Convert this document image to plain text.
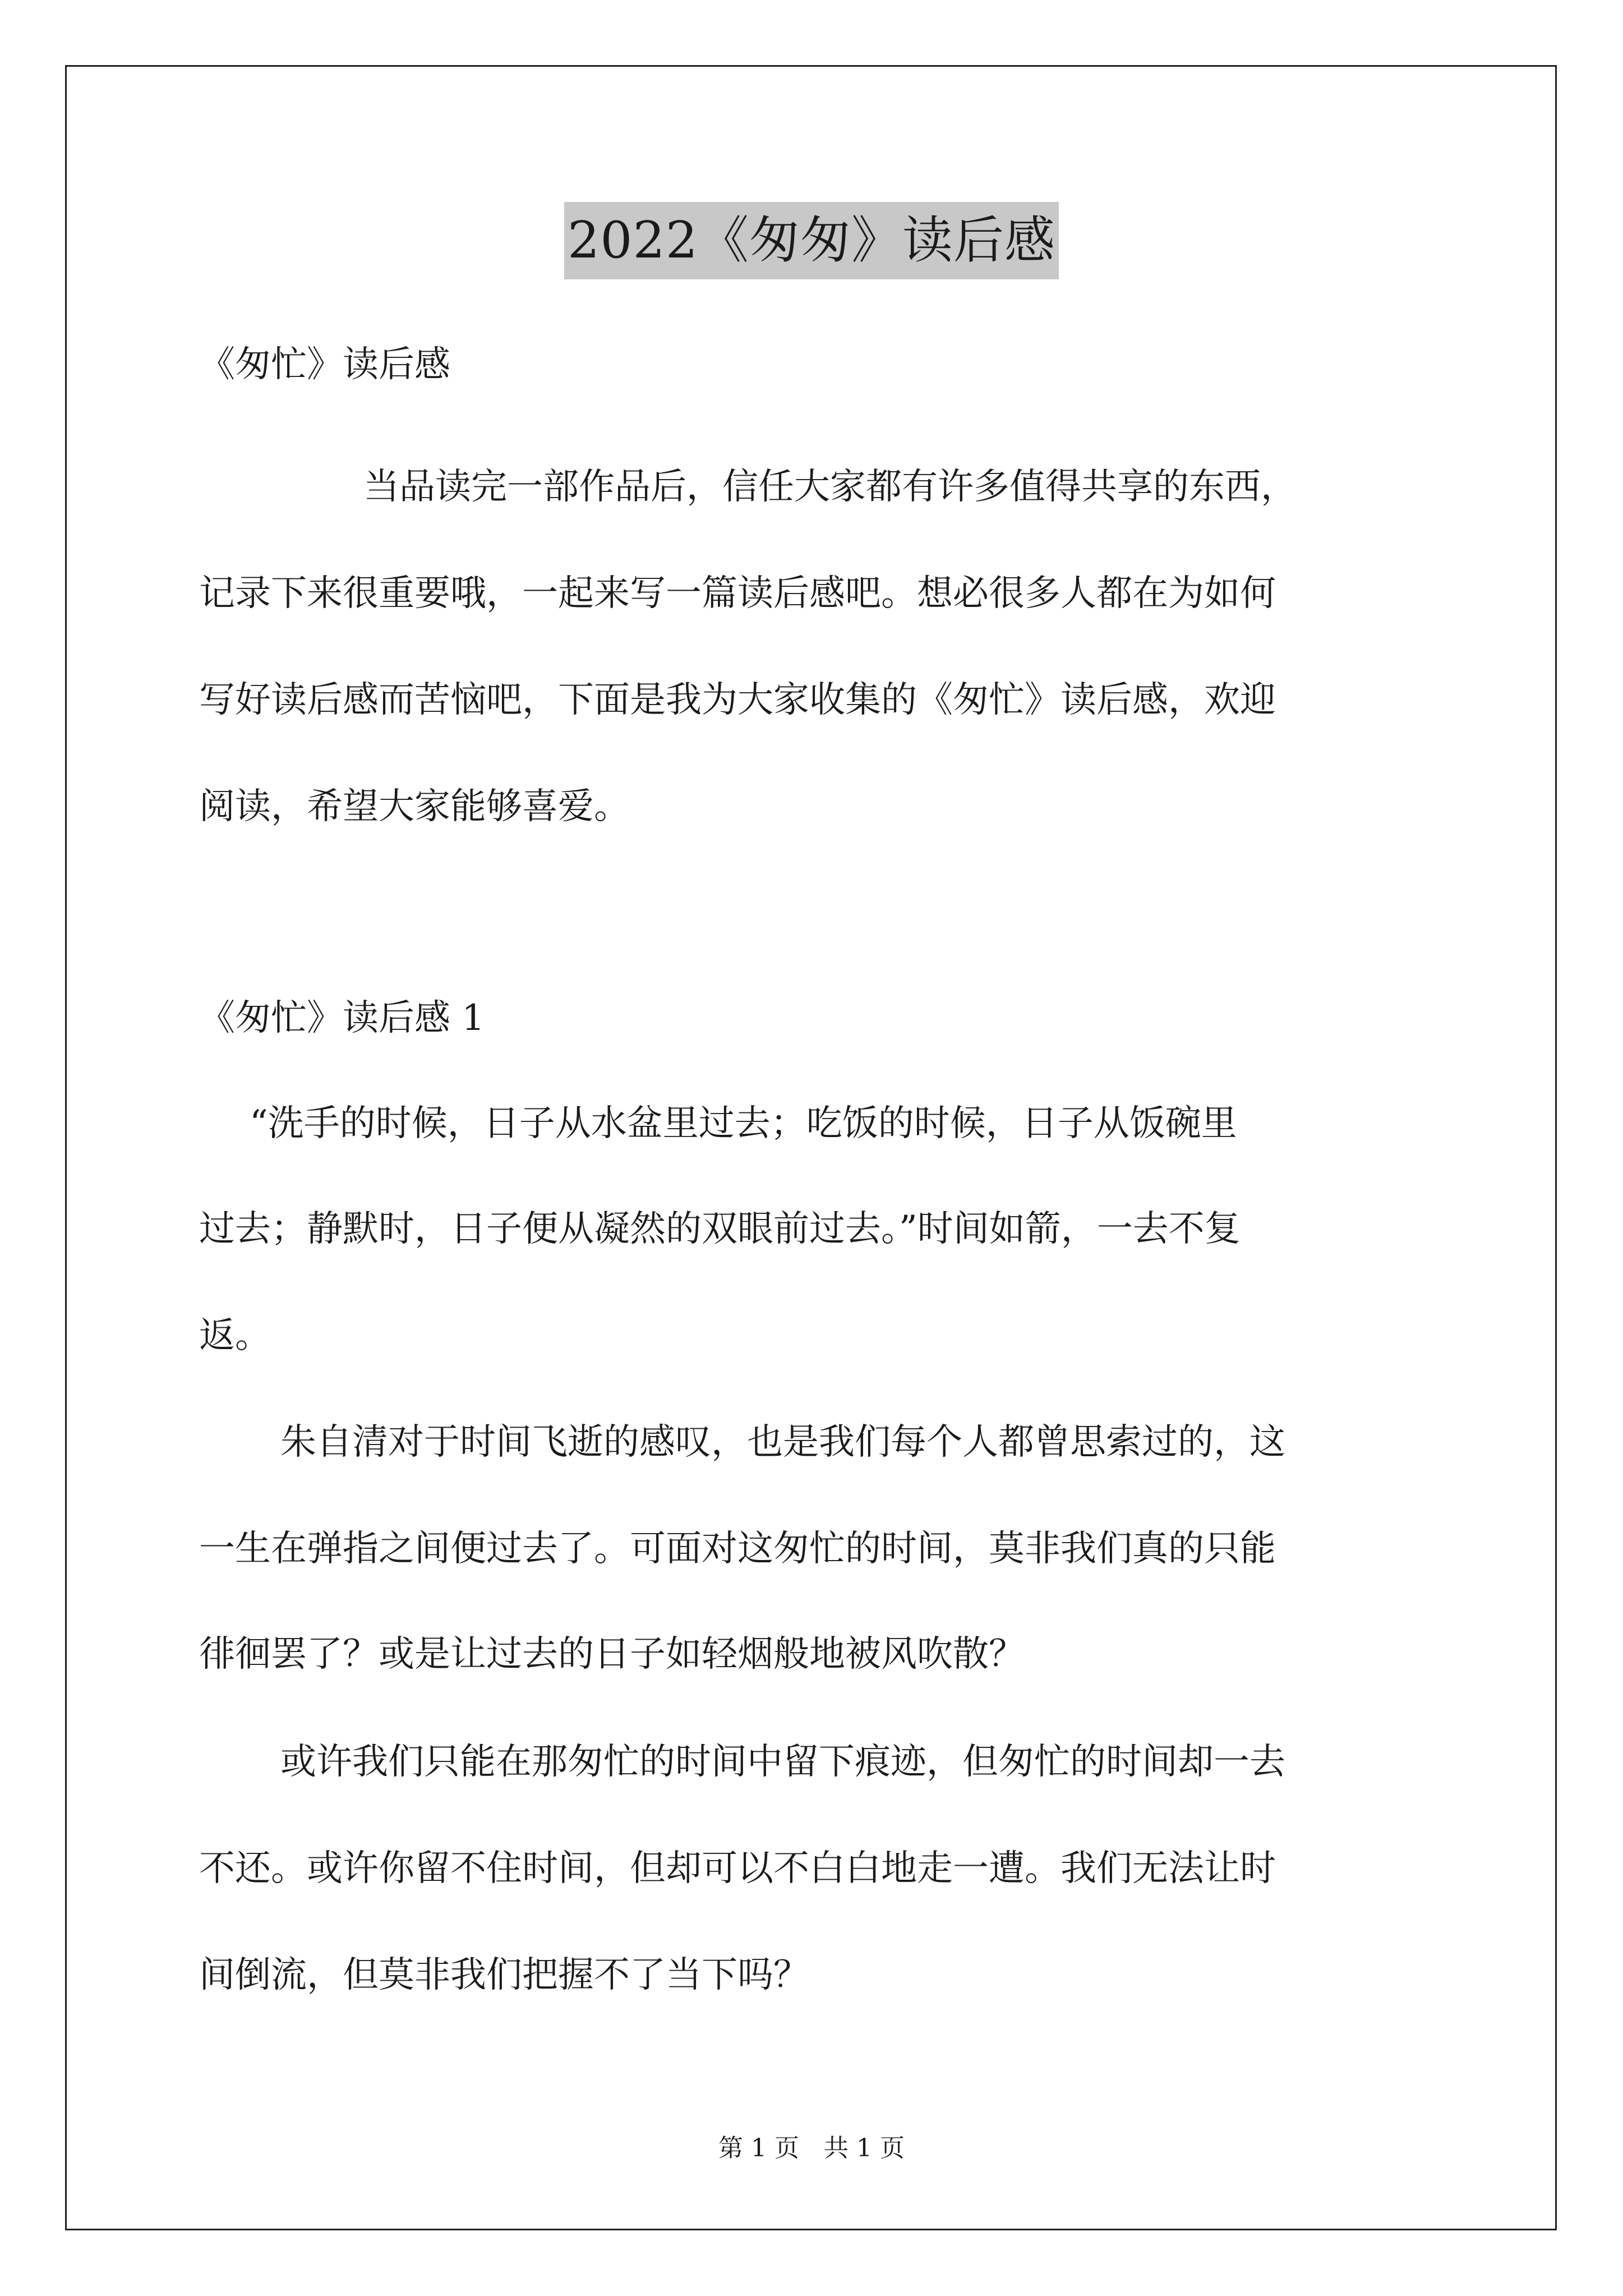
2022《匆匆》读后感
《匆忙》读后感
当品读完一部作品后，信任大家都有许多值得共享的东西，
记录下来很重要哦，一起来写一篇读后感吧。想必很多人都在为如何
写好读后感而苦恼吧，下面是我为大家收集的《匆忙》读后感，欢迎
阅读，希望大家能够喜爱。
《匆忙》读后感 1
“洗手的时候，日子从水盆里过去；吃饭的时候，日子从饭碗里
过去；静默时，日子便从凝然的双眼前过去。”时间如箭，一去不复
返。
朱自清对于时间飞逝的感叹，也是我们每个人都曾思索过的，这
一生在弹指之间便过去了。可面对这匆忙的时间，莫非我们真的只能
徘徊罢了？或是让过去的日子如轻烟般地被风吹散？
或许我们只能在那匆忙的时间中留下痕迹，但匆忙的时间却一去
不还。或许你留不住时间，但却可以不白白地走一遭。我们无法让时
间倒流，但莫非我们把握不了当下吗？
第 1 页　共 1 页
